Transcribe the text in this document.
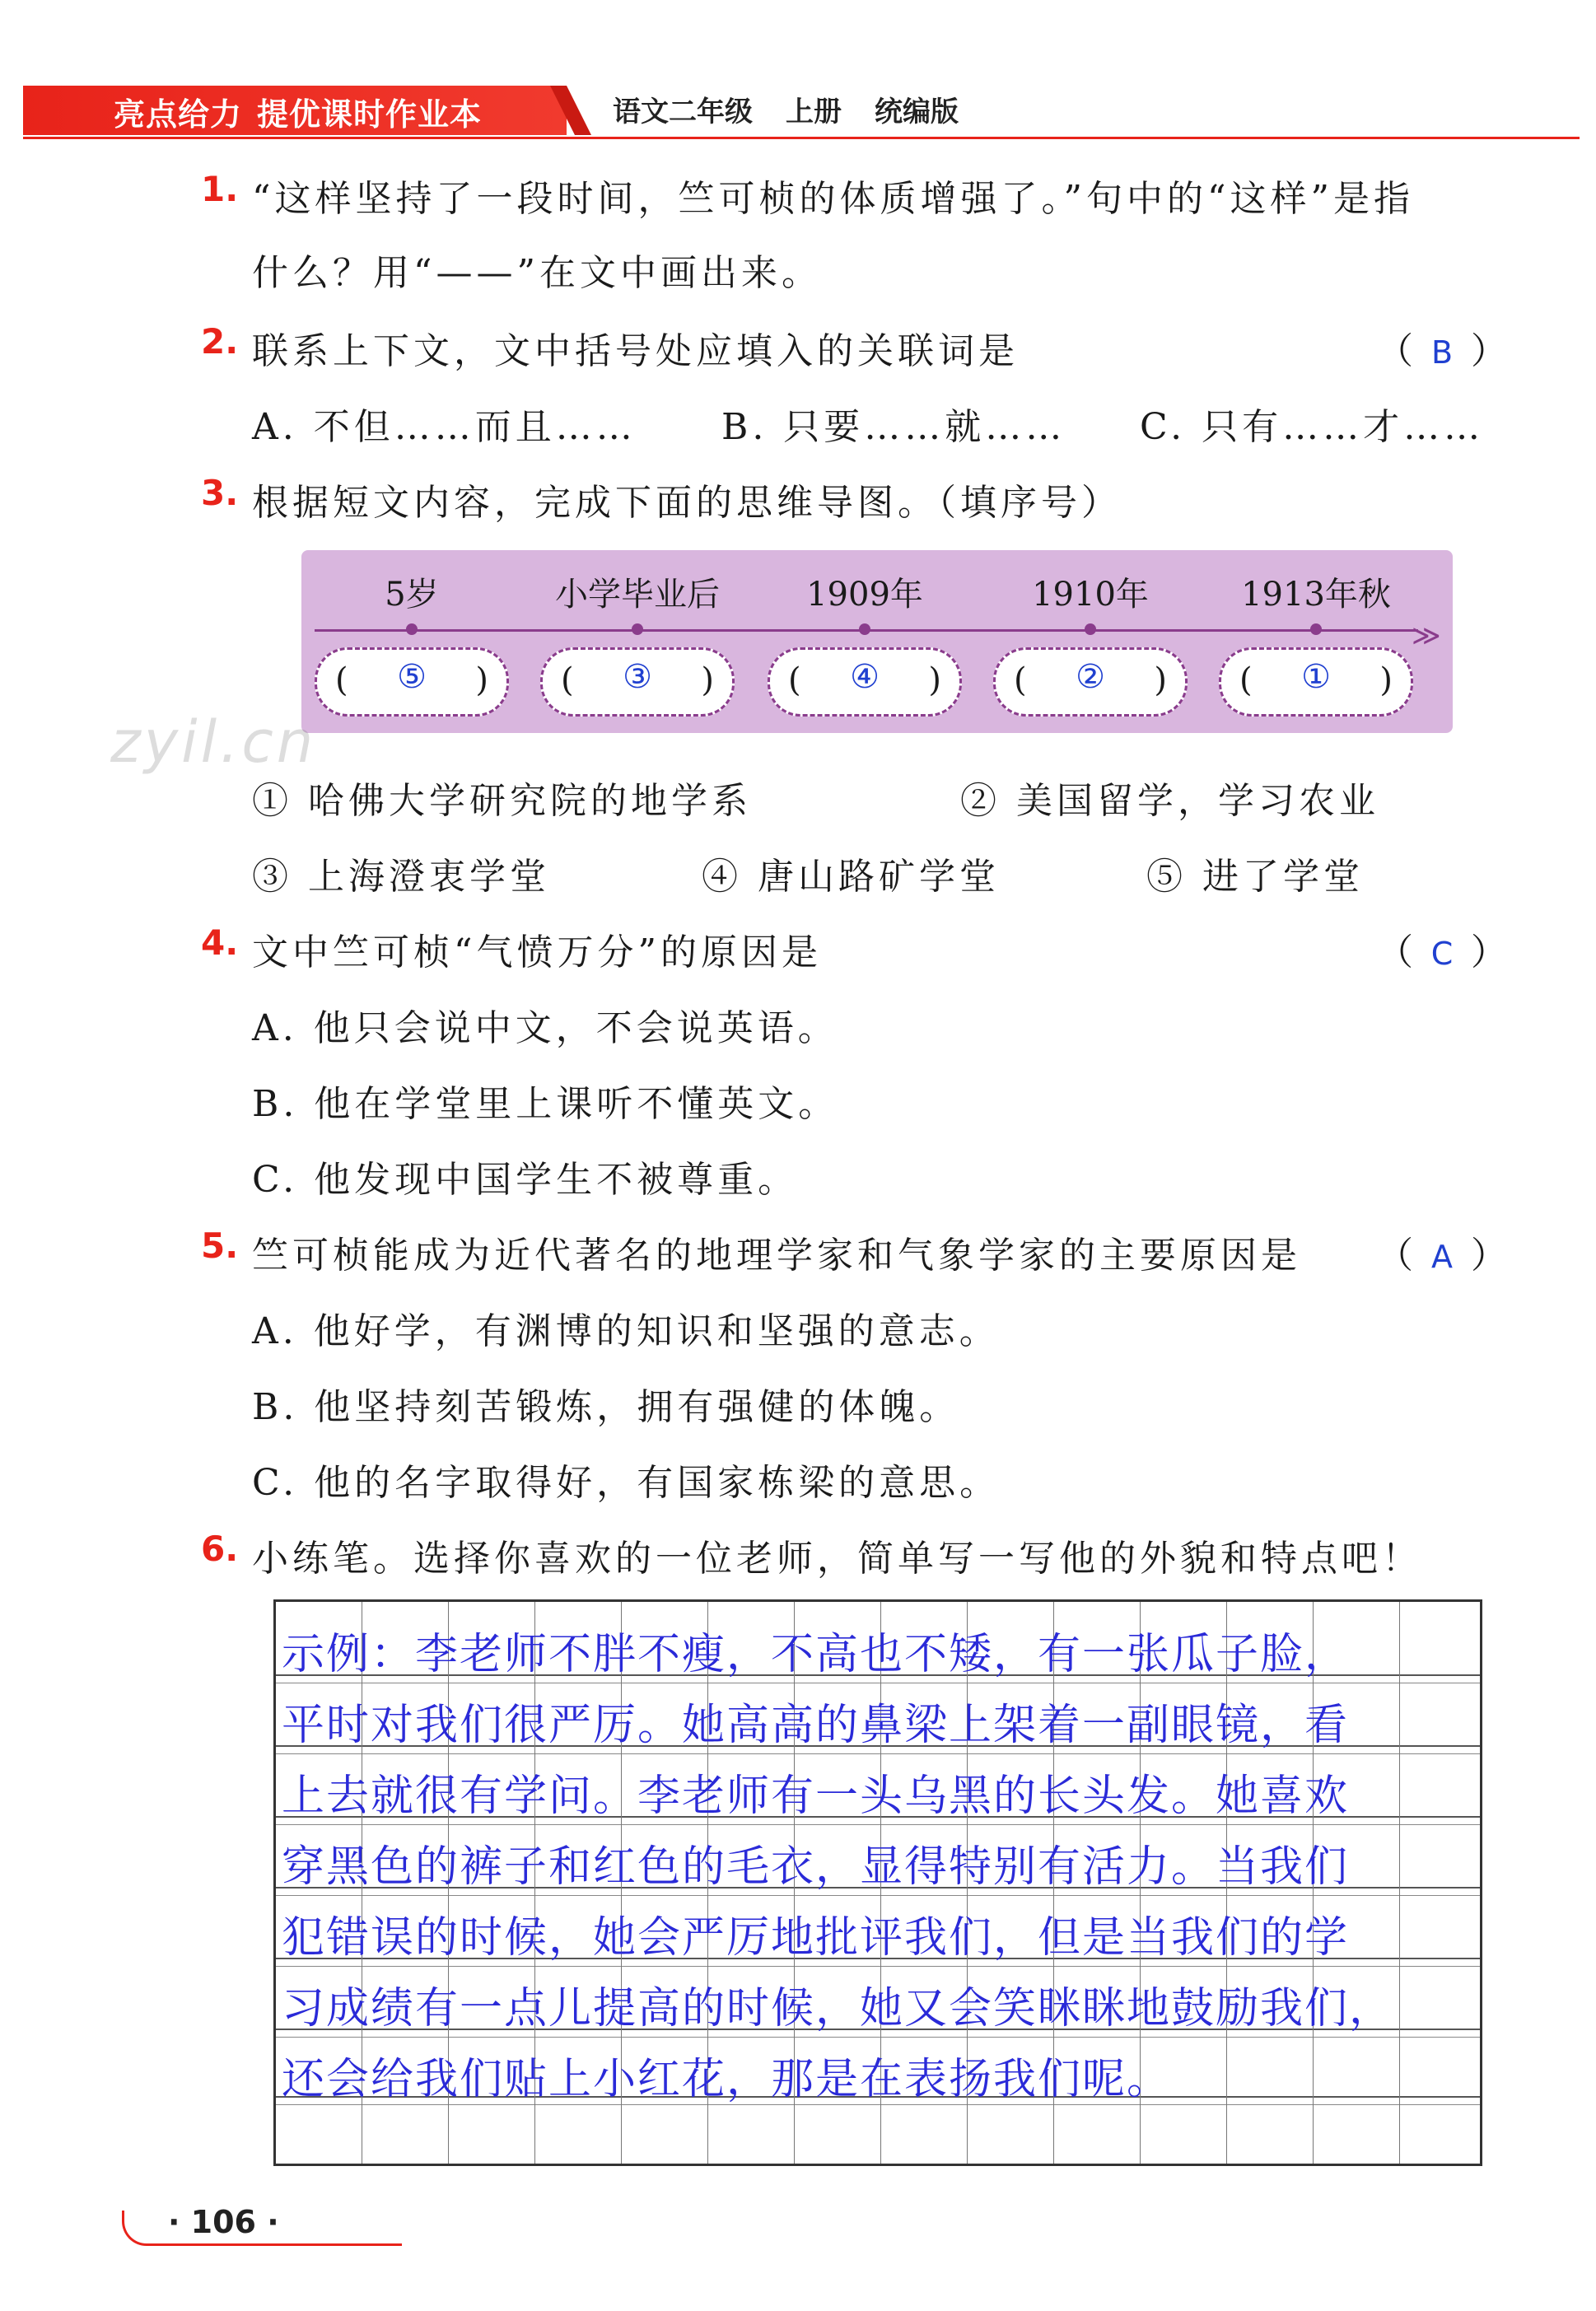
亮点给力 提优课时作业本	语文二年级 上册 统编版
1. “这样坚持了一段时间，竺可桢的体质增强了。”句中的“这样”是指
什么？用“——”在文中画出来。
2. 联系上下文，文中括号处应填入的关联词是	（ B ）
A. 不但……而且…… B. 只要……就…… C. 只有……才……
3. 根据短文内容，完成下面的思维导图。（填序号）
5岁	小学毕业后	1909年	1910年	1913年秋
≫
(	⑤	) (	③	) (	④	) (	②	) (	①	)
zyil.cn
① 哈佛大学研究院的地学系	② 美国留学，学习农业
③ 上海澄衷学堂	④ 唐山路矿学堂	⑤ 进了学堂
4. 文中竺可桢“气愤万分”的原因是	（ C ）
A. 他只会说中文，不会说英语。
B. 他在学堂里上课听不懂英文。
C. 他发现中国学生不被尊重。
5. 竺可桢能成为近代著名的地理学家和气象学家的主要原因是 （ A ）
A. 他好学，有渊博的知识和坚强的意志。
B. 他坚持刻苦锻炼，拥有强健的体魄。
C. 他的名字取得好，有国家栋梁的意思。
6. 小练笔。选择你喜欢的一位老师，简单写一写他的外貌和特点吧！
示例：李老师不胖不瘦，不高也不矮，有一张瓜子脸，
平时对我们很严厉。她高高的鼻梁上架着一副眼镜，看
上去就很有学问。李老师有一头乌黑的长头发。她喜欢
穿黑色的裤子和红色的毛衣，显得特别有活力。当我们
犯错误的时候，她会严厉地批评我们，但是当我们的学
习成绩有一点儿提高的时候，她又会笑眯眯地鼓励我们，
还会给我们贴上小红花，那是在表扬我们呢。
· 106 ·
